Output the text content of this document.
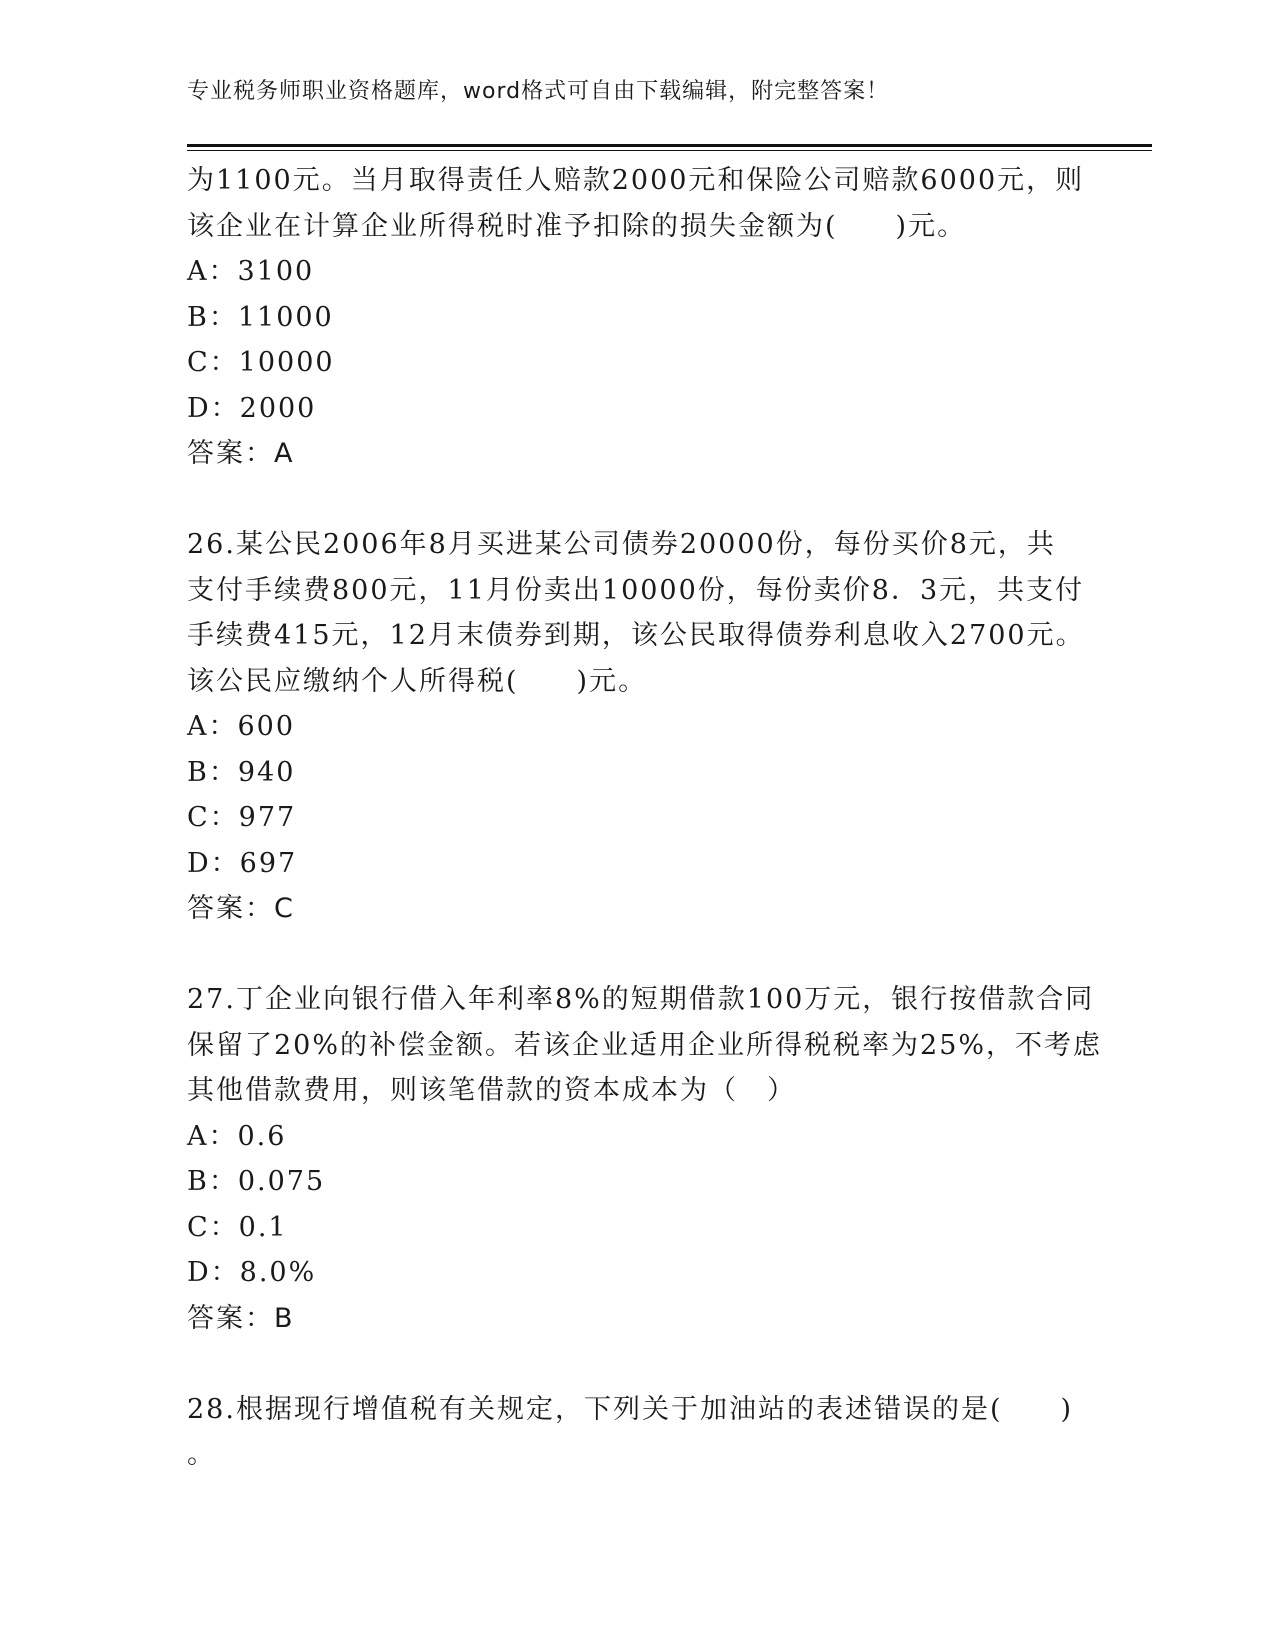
专业税务师职业资格题库，word格式可自由下载编辑，附完整答案！
为1100元。当月取得责任人赔款2000元和保险公司赔款6000元，则
该企业在计算企业所得税时准予扣除的损失金额为(　　)元。
A：3100
B：11000
C：10000
D：2000
答案：A
26.某公民2006年8月买进某公司债券20000份，每份买价8元，共
支付手续费800元，11月份卖出10000份，每份卖价8．3元，共支付
手续费415元，12月末债券到期，该公民取得债券利息收入2700元。
该公民应缴纳个人所得税(　　)元。
A：600
B：940
C：977
D：697
答案：C
27.丁企业向银行借入年利率8%的短期借款100万元，银行按借款合同
保留了20%的补偿金额。若该企业适用企业所得税税率为25%，不考虑
其他借款费用，则该笔借款的资本成本为（　）
A：0.6
B：0.075
C：0.1
D：8.0%
答案：B
28.根据现行增值税有关规定，下列关于加油站的表述错误的是(　　)
。
